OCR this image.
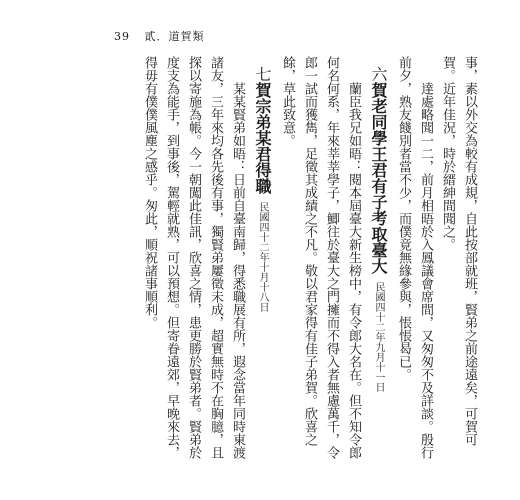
39 貳．道賀類

事，素以外交為較有成規，自此按部就班，賢弟之前途遠矣，可賀可賀。近年佳況，時於縉紳間聞之。

達處略聞一二，前月相晤於入鳳議會席間，又匆匆不及詳談。殷行前夕，熟友餞別者當不少，而僕竟無緣參與，悵悵曷已。

六賀老同學王君有子考取臺大民國四十二年九月十一日

蘭臣我兄如晤：閱本屆臺大新生榜中，有令郎大名在。但不知令郎何名何系，年來莘莘學子，鯽往於臺大之門擁而不得入者無慮萬千，令郎一試而獲雋，足徵其成績之不凡。敬以君家得有佳子弟賀。欣喜之餘，草此致意。

七賀宗弟某君得職民國四十二年十月十八日

某某賢弟如晤：日前自臺南歸，得悉職展有所，遐念當年同時東渡諸友，三年來均各先後有事，獨賢弟屢徵未成，超實無時不在胸臆，且探以寄施為帳。今一朝闖此佳訊，欣喜之情，患更勝於賢弟者。賢弟於度支為能手，到事後，駕輕就熟，可以預想。但寄眷遠郊，早晚來去，得毋有僕僕風塵之感乎。匆此，順祝諸事順利。
